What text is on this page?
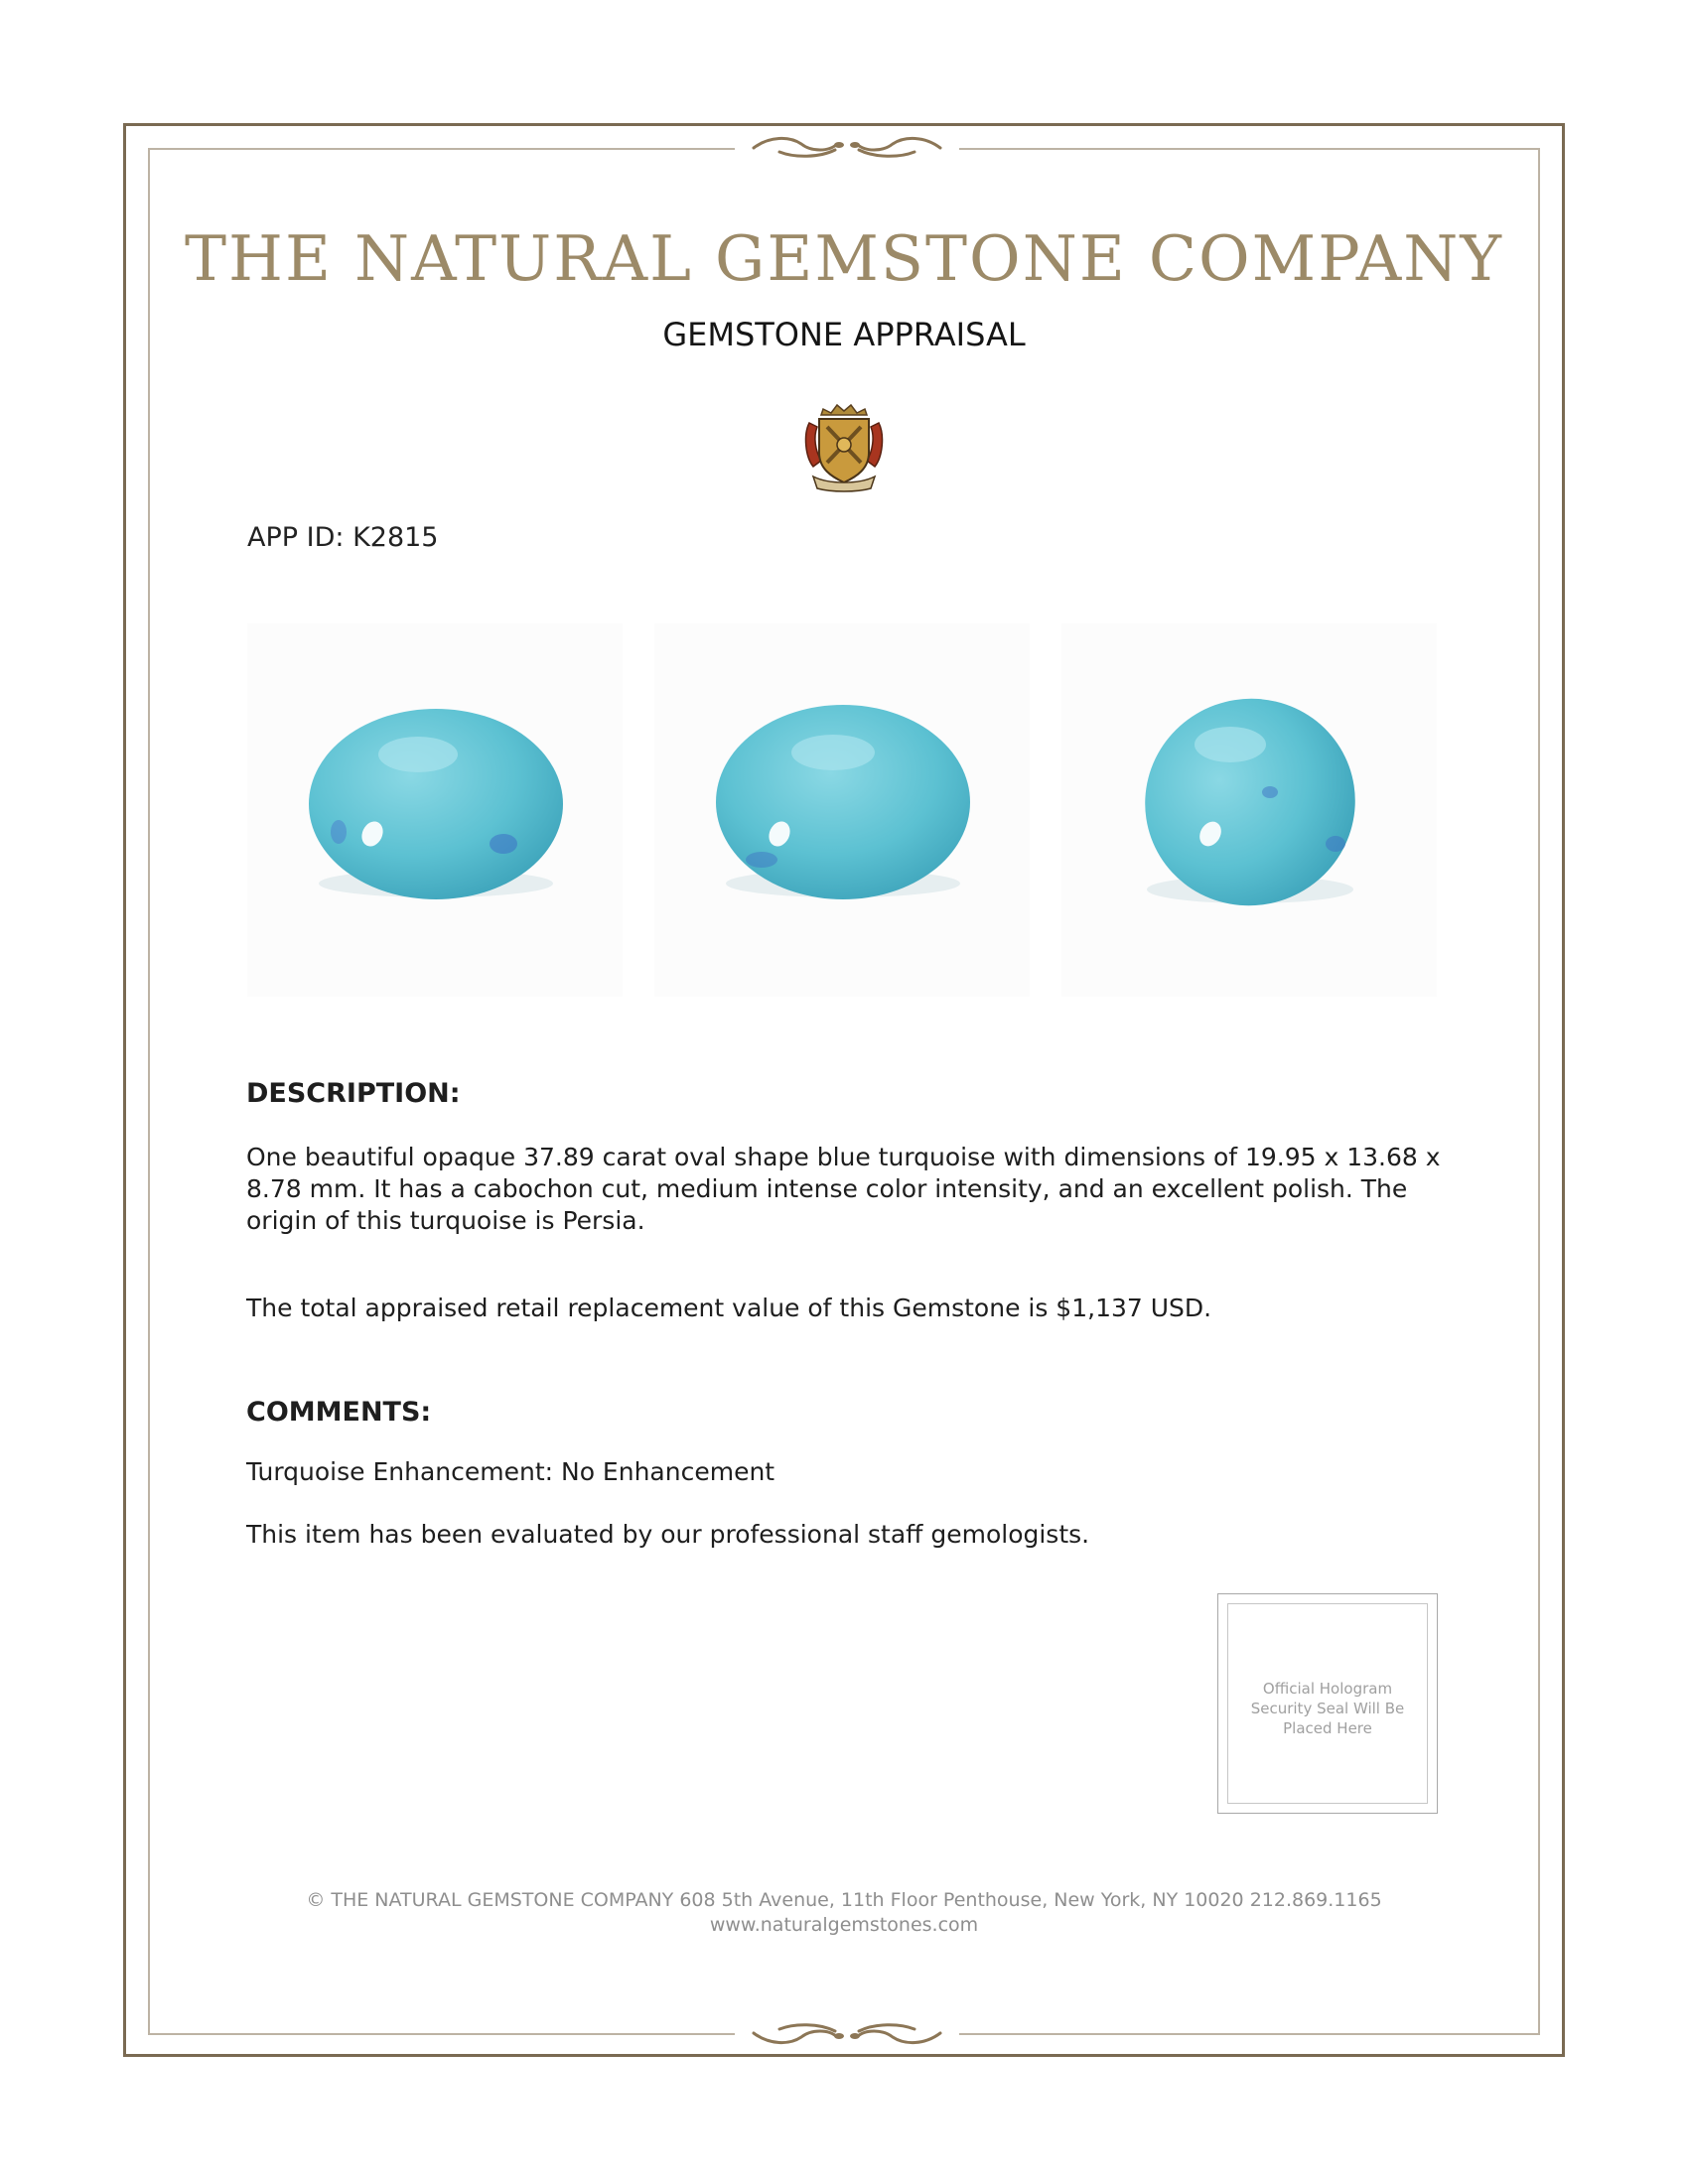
THE NATURAL GEMSTONE COMPANY
GEMSTONE APPRAISAL
APP ID: K2815
DESCRIPTION:

One beautiful opaque 37.89 carat oval shape blue turquoise with dimensions of 19.95 x 13.68 x 8.78 mm. It has a cabochon cut, medium intense color intensity, and an excellent polish. The origin of this turquoise is Persia.

The total appraised retail replacement value of this Gemstone is $1,137 USD.

COMMENTS:

Turquoise Enhancement: No Enhancement

This item has been evaluated by our professional staff gemologists.

Official Hologram Security Seal Will Be Placed Here
© THE NATURAL GEMSTONE COMPANY 608 5th Avenue, 11th Floor Penthouse, New York, NY 10020 212.869.1165
www.naturalgemstones.com
